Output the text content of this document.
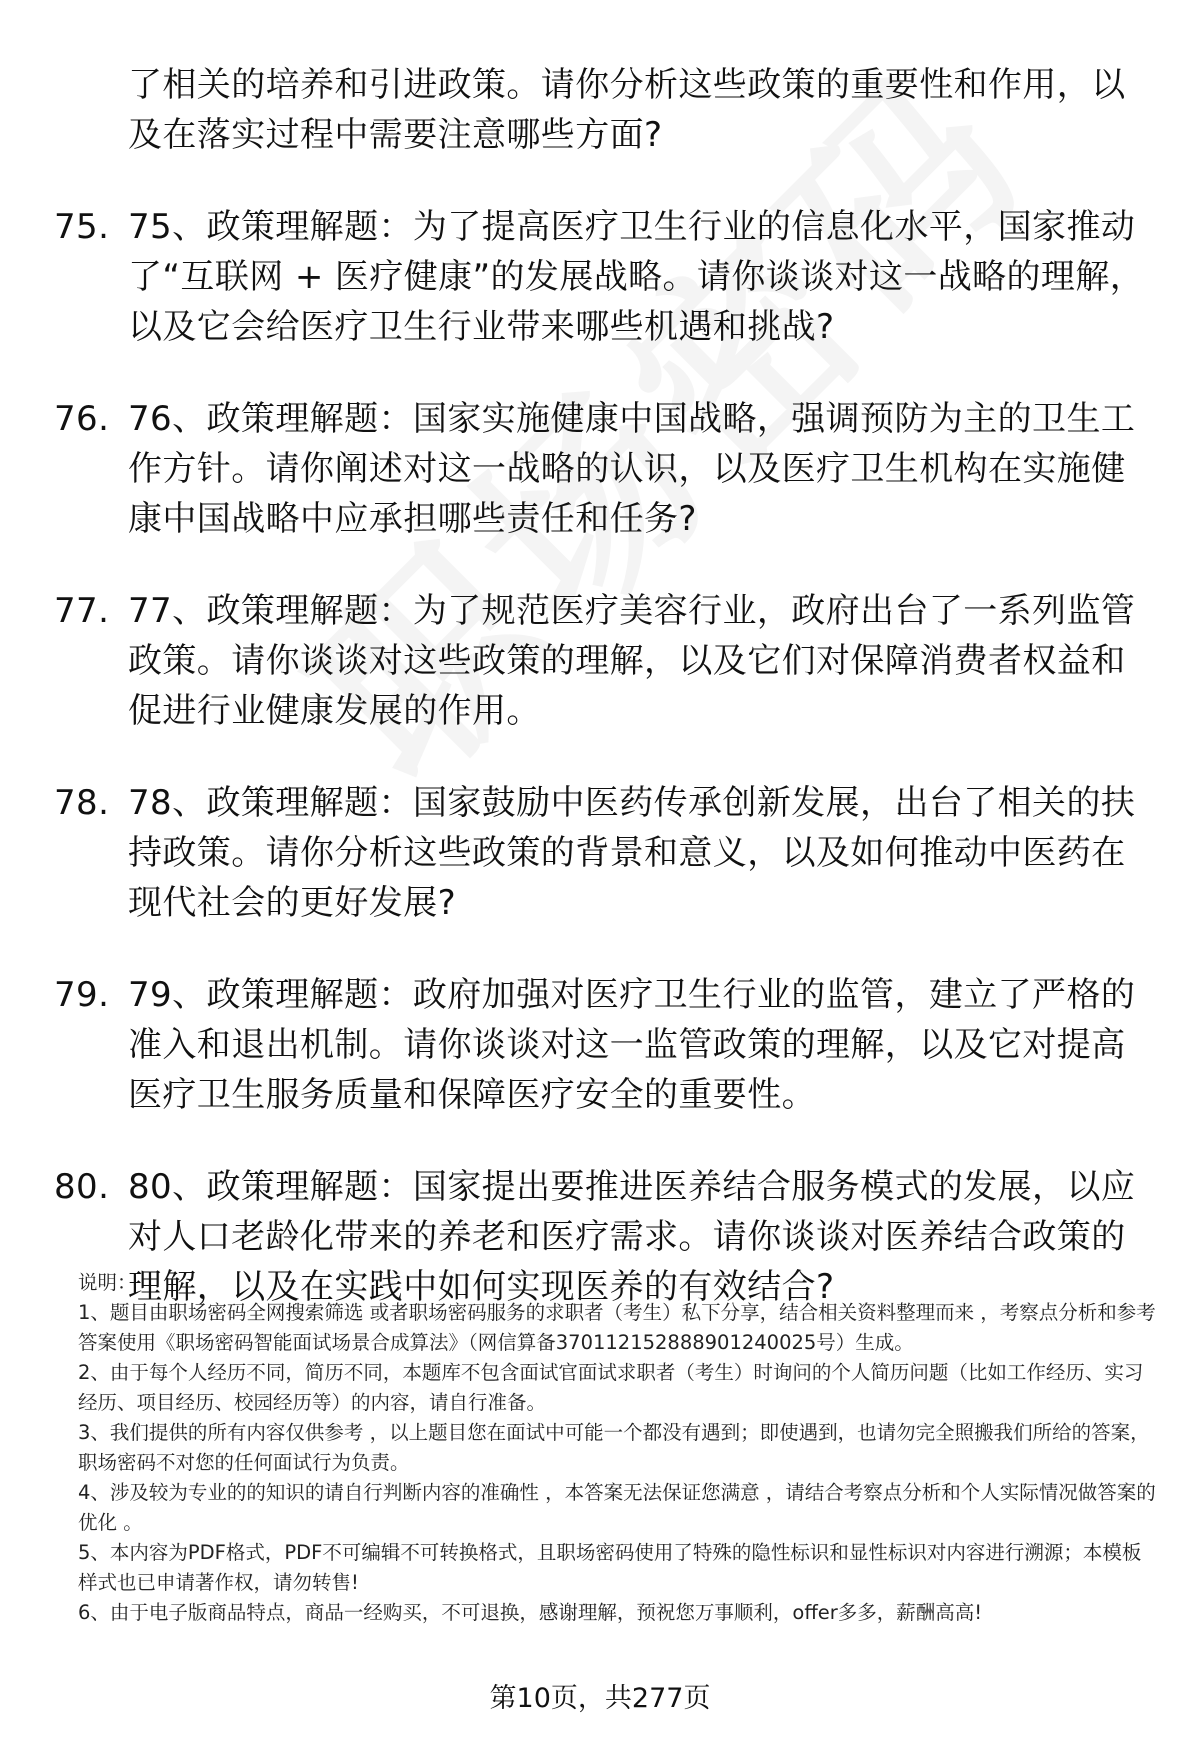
了相关的培养和引进政策。请你分析这些政策的重要性和作用，以及在落实过程中需要注意哪些方面?
75. 75、政策理解题：为了提高医疗卫生行业的信息化水平，国家推动了“互联网 + 医疗健康”的发展战略。请你谈谈对这一战略的理解，以及它会给医疗卫生行业带来哪些机遇和挑战?
76. 76、政策理解题：国家实施健康中国战略，强调预防为主的卫生工作方针。请你阐述对这一战略的认识，以及医疗卫生机构在实施健康中国战略中应承担哪些责任和任务?
77. 77、政策理解题：为了规范医疗美容行业，政府出台了一系列监管政策。请你谈谈对这些政策的理解，以及它们对保障消费者权益和促进行业健康发展的作用。
78. 78、政策理解题：国家鼓励中医药传承创新发展，出台了相关的扶持政策。请你分析这些政策的背景和意义，以及如何推动中医药在现代社会的更好发展?
79. 79、政策理解题：政府加强对医疗卫生行业的监管，建立了严格的准入和退出机制。请你谈谈对这一监管政策的理解，以及它对提高医疗卫生服务质量和保障医疗安全的重要性。
80. 80、政策理解题：国家提出要推进医养结合服务模式的发展，以应对人口老龄化带来的养老和医疗需求。请你谈谈对医养结合政策的理解，以及在实践中如何实现医养的有效结合?

说明：

1、题目由职场密码全网搜索筛选 或者职场密码服务的求职者（考生）私下分享，结合相关资料整理而来 ，考察点分析和参考答案使用《职场密码智能面试场景合成算法》（网信算备370112152888901240025号）生成。

2、由于每个人经历不同，简历不同，本题库不包含面试官面试求职者（考生）时询问的个人简历问题（比如工作经历、实习经历、项目经历、校园经历等）的内容，请自行准备。

3、我们提供的所有内容仅供参考 ，以上题目您在面试中可能一个都没有遇到；即使遇到，也请勿完全照搬我们所给的答案，职场密码不对您的任何面试行为负责。

4、涉及较为专业的的知识的请自行判断内容的准确性 ，本答案无法保证您满意 ，请结合考察点分析和个人实际情况做答案的优化 。

5、本内容为PDF格式，PDF不可编辑不可转换格式，且职场密码使用了特殊的隐性标识和显性标识对内容进行溯源；本模板样式也已申请著作权，请勿转售!

6、由于电子版商品特点，商品一经购买，不可退换，感谢理解，预祝您万事顺利，offer多多，薪酬高高!

第10页，共277页
